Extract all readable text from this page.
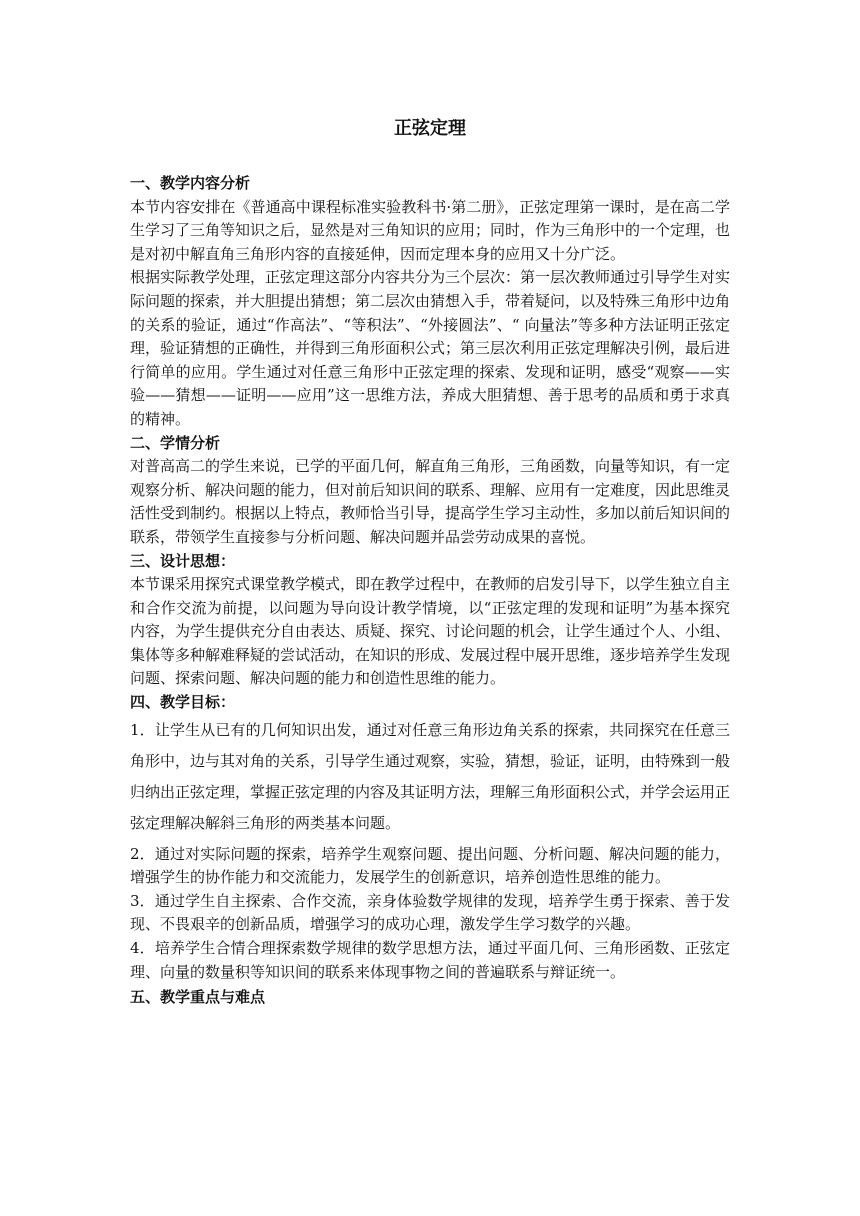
正弦定理
一、教学内容分析

本节内容安排在《普通高中课程标准实验教科书·第二册》，正弦定理第一课时，是在高二学生学习了三角等知识之后，显然是对三角知识的应用；同时，作为三角形中的一个定理，也是对初中解直角三角形内容的直接延伸，因而定理本身的应用又十分广泛。

根据实际教学处理，正弦定理这部分内容共分为三个层次：第一层次教师通过引导学生对实际问题的探索，并大胆提出猜想；第二层次由猜想入手，带着疑问，以及特殊三角形中边角的关系的验证，通过“作高法”、“等积法”、“外接圆法”、“ 向量法”等多种方法证明正弦定理，验证猜想的正确性，并得到三角形面积公式；第三层次利用正弦定理解决引例，最后进行简单的应用。学生通过对任意三角形中正弦定理的探索、发现和证明，感受“观察——实验——猜想——证明——应用”这一思维方法，养成大胆猜想、善于思考的品质和勇于求真的精神。

二、学情分析

对普高高二的学生来说，已学的平面几何，解直角三角形，三角函数，向量等知识，有一定观察分析、解决问题的能力，但对前后知识间的联系、理解、应用有一定难度，因此思维灵活性受到制约。根据以上特点，教师恰当引导，提高学生学习主动性，多加以前后知识间的联系，带领学生直接参与分析问题、解决问题并品尝劳动成果的喜悦。

三、设计思想：

本节课采用探究式课堂教学模式，即在教学过程中，在教师的启发引导下，以学生独立自主和合作交流为前提，以问题为导向设计教学情境，以“正弦定理的发现和证明”为基本探究内容，为学生提供充分自由表达、质疑、探究、讨论问题的机会，让学生通过个人、小组、集体等多种解难释疑的尝试活动，在知识的形成、发展过程中展开思维，逐步培养学生发现问题、探索问题、解决问题的能力和创造性思维的能力。

四、教学目标：

1．让学生从已有的几何知识出发，通过对任意三角形边角关系的探索，共同探究在任意三角形中，边与其对角的关系，引导学生通过观察，实验，猜想，验证，证明，由特殊到一般归纳出正弦定理，掌握正弦定理的内容及其证明方法，理解三角形面积公式，并学会运用正弦定理解决解斜三角形的两类基本问题。

2．通过对实际问题的探索，培养学生观察问题、提出问题、分析问题、解决问题的能力，增强学生的协作能力和交流能力，发展学生的创新意识，培养创造性思维的能力。

3．通过学生自主探索、合作交流，亲身体验数学规律的发现，培养学生勇于探索、善于发现、不畏艰辛的创新品质，增强学习的成功心理，激发学生学习数学的兴趣。

4．培养学生合情合理探索数学规律的数学思想方法，通过平面几何、三角形函数、正弦定理、向量的数量积等知识间的联系来体现事物之间的普遍联系与辩证统一。

五、教学重点与难点
